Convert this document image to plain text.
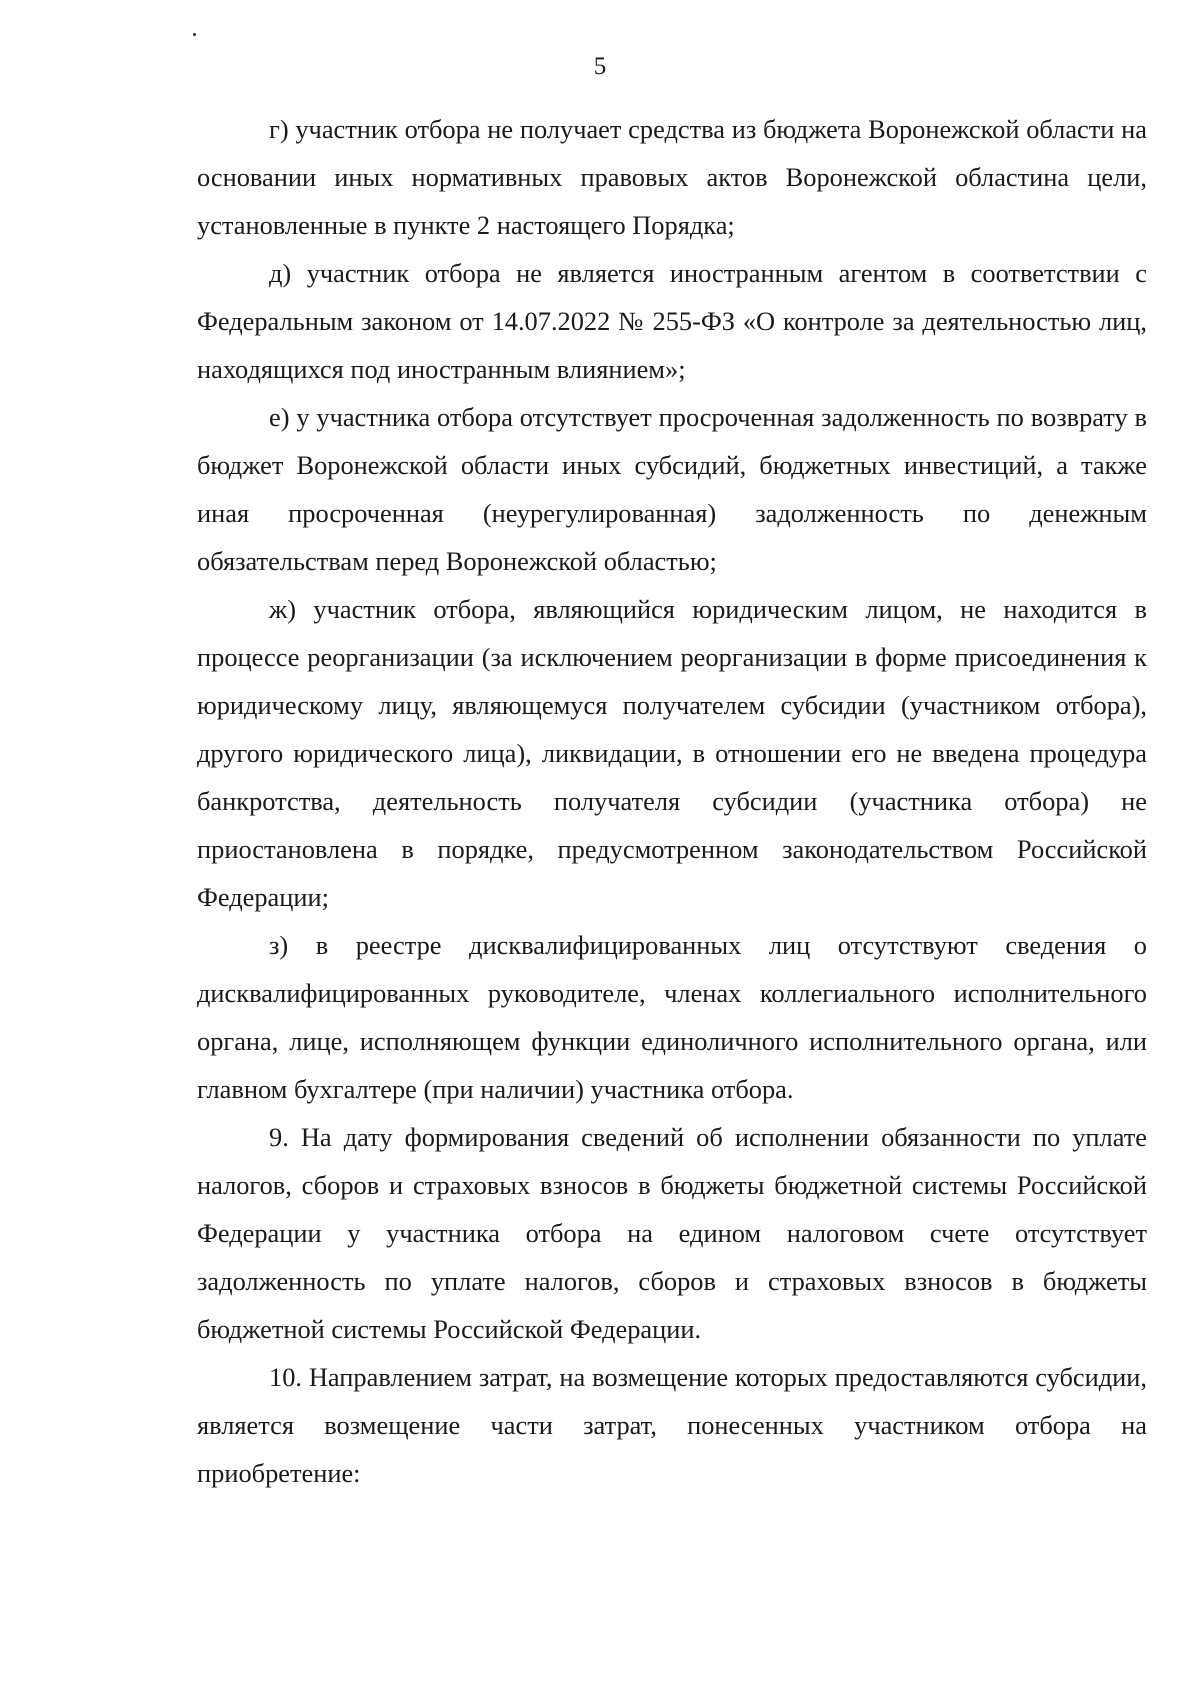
5

г) участник отбора не получает средства из бюджета Воронежской области на основании иных нормативных правовых актов Воронежской областина цели, установленные в пункте 2 настоящего Порядка;

д) участник отбора не является иностранным агентом в соответствии с Федеральным законом от 14.07.2022 № 255-ФЗ «О контроле за деятельностью лиц, находящихся под иностранным влиянием»;

е) у участника отбора отсутствует просроченная задолженность по возврату в бюджет Воронежской области иных субсидий, бюджетных инвестиций, а также иная просроченная (неурегулированная) задолженность по денежным обязательствам перед Воронежской областью;

ж) участник отбора, являющийся юридическим лицом, не находится в процессе реорганизации (за исключением реорганизации в форме присоединения к юридическому лицу, являющемуся получателем субсидии (участником отбора), другого юридического лица), ликвидации, в отношении его не введена процедура банкротства, деятельность получателя субсидии (участника отбора) не приостановлена в порядке, предусмотренном законодательством Российской Федерации;

з) в реестре дисквалифицированных лиц отсутствуют сведения о дисквалифицированных руководителе, членах коллегиального исполнительного органа, лице, исполняющем функции единоличного исполнительного органа, или главном бухгалтере (при наличии) участника отбора.

9. На дату формирования сведений об исполнении обязанности по уплате налогов, сборов и страховых взносов в бюджеты бюджетной системы Российской Федерации у участника отбора на едином налоговом счете отсутствует задолженность по уплате налогов, сборов и страховых взносов в бюджеты бюджетной системы Российской Федерации.

10. Направлением затрат, на возмещение которых предоставляются субсидии, является возмещение части затрат, понесенных участником отбора на приобретение:
